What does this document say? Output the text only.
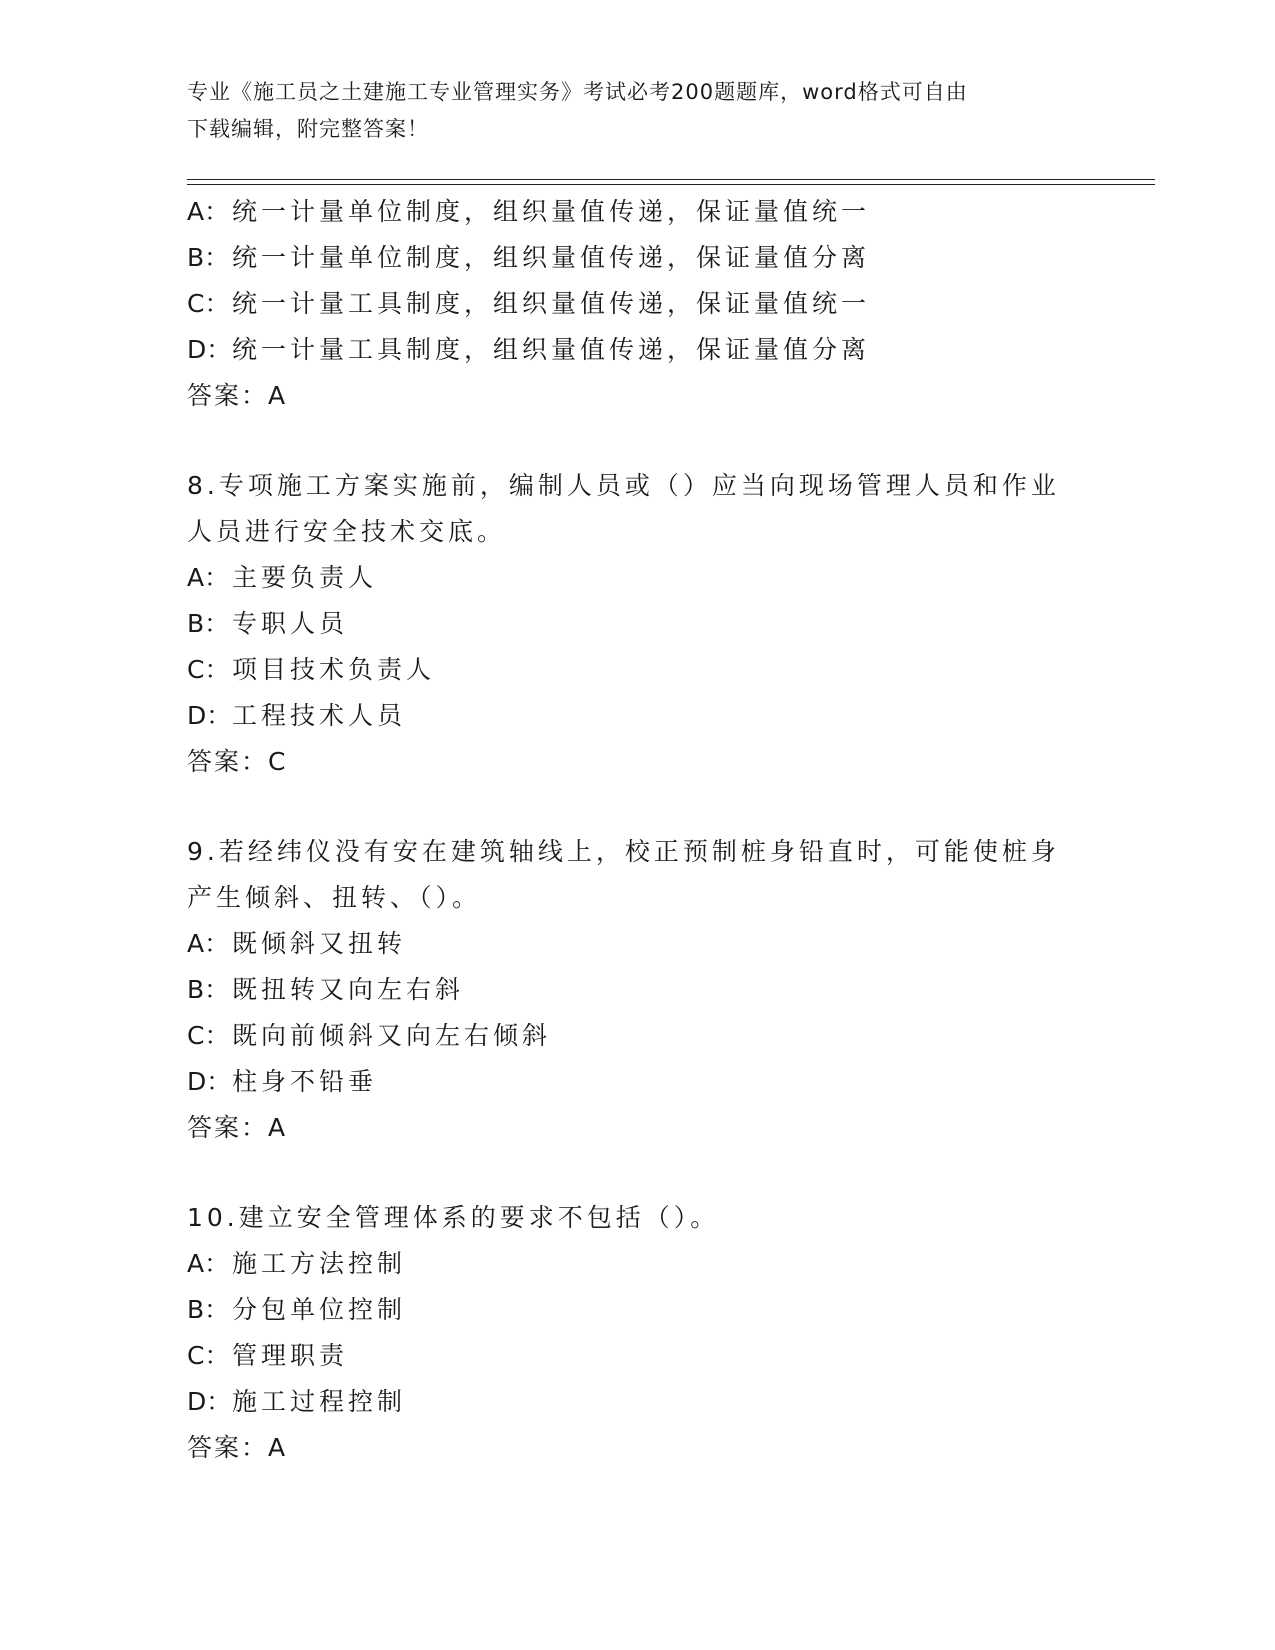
专业《施工员之土建施工专业管理实务》考试必考200题题库，word格式可自由
下载编辑，附完整答案！
A： 统一计量单位制度，组织量值传递，保证量值统一
B： 统一计量单位制度，组织量值传递，保证量值分离
C： 统一计量工具制度，组织量值传递，保证量值统一
D：统一计量工具制度，组织量值传递，保证量值分离
答案：A
8.专项施工方案实施前，编制人员或（）应当向现场管理人员和作业
人员进行安全技术交底。
A： 主要负责人
B： 专职人员
C： 项目技术负责人
D：工程技术人员
答案：C
9.若经纬仪没有安在建筑轴线上，校正预制桩身铅直时，可能使桩身
产生倾斜、扭转、（）。
A： 既倾斜又扭转
B： 既扭转又向左右斜
C： 既向前倾斜又向左右倾斜
D：柱身不铅垂
答案：A
10.建立安全管理体系的要求不包括（）。
A： 施工方法控制
B： 分包单位控制
C： 管理职责
D：施工过程控制
答案：A
